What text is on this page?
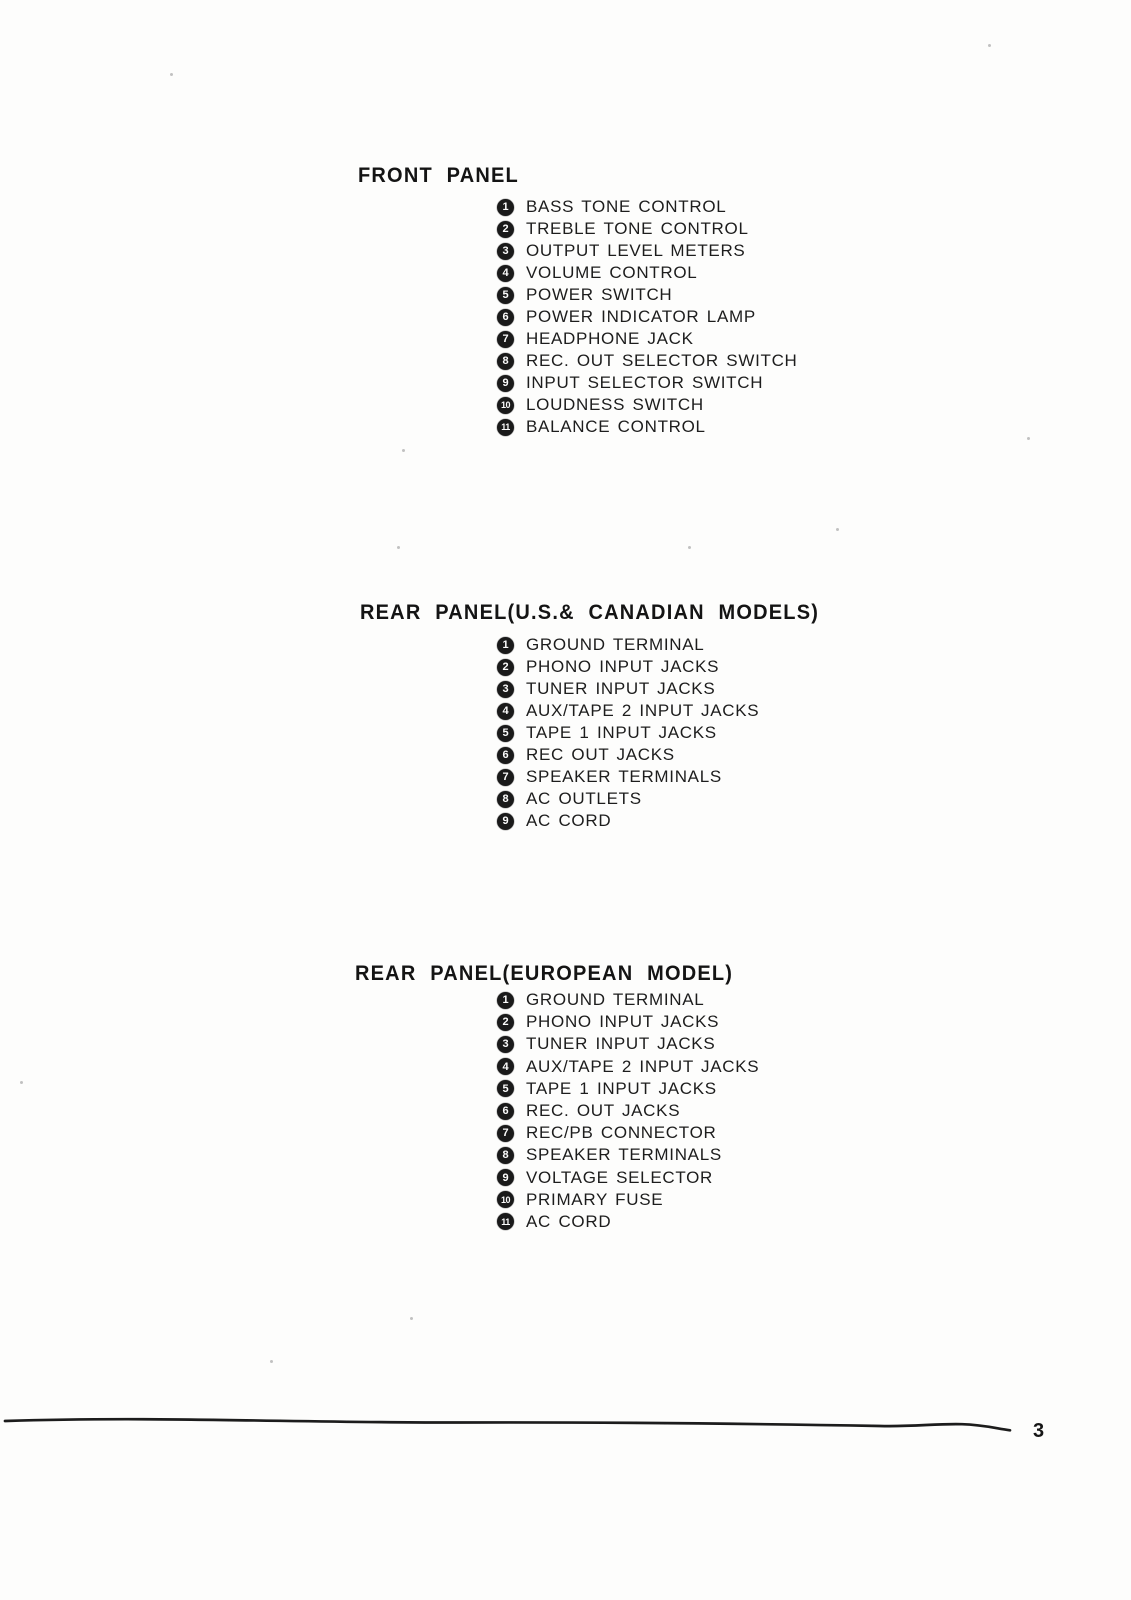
FRONT PANEL
1	BASS TONE CONTROL
2	TREBLE TONE CONTROL
3	OUTPUT LEVEL METERS
4	VOLUME CONTROL
5	POWER SWITCH
6	POWER INDICATOR LAMP
7	HEADPHONE JACK
8	REC. OUT SELECTOR SWITCH
9	INPUT SELECTOR SWITCH
10 LOUDNESS SWITCH
11 BALANCE CONTROL
REAR PANEL(U.S.& CANADIAN MODELS)
1	GROUND TERMINAL
2	PHONO INPUT JACKS
3	TUNER INPUT JACKS
4	AUX/TAPE 2 INPUT JACKS
5	TAPE 1 INPUT JACKS
6	REC OUT JACKS
7	SPEAKER TERMINALS
8	AC OUTLETS
9	AC CORD
REAR PANEL(EUROPEAN MODEL)
1	GROUND TERMINAL
2	PHONO INPUT JACKS
3	TUNER INPUT JACKS
4	AUX/TAPE 2 INPUT JACKS
5	TAPE 1 INPUT JACKS
6	REC. OUT JACKS
7	REC/PB CONNECTOR
8	SPEAKER TERMINALS
9	VOLTAGE SELECTOR
10 PRIMARY FUSE
11 AC CORD
3
